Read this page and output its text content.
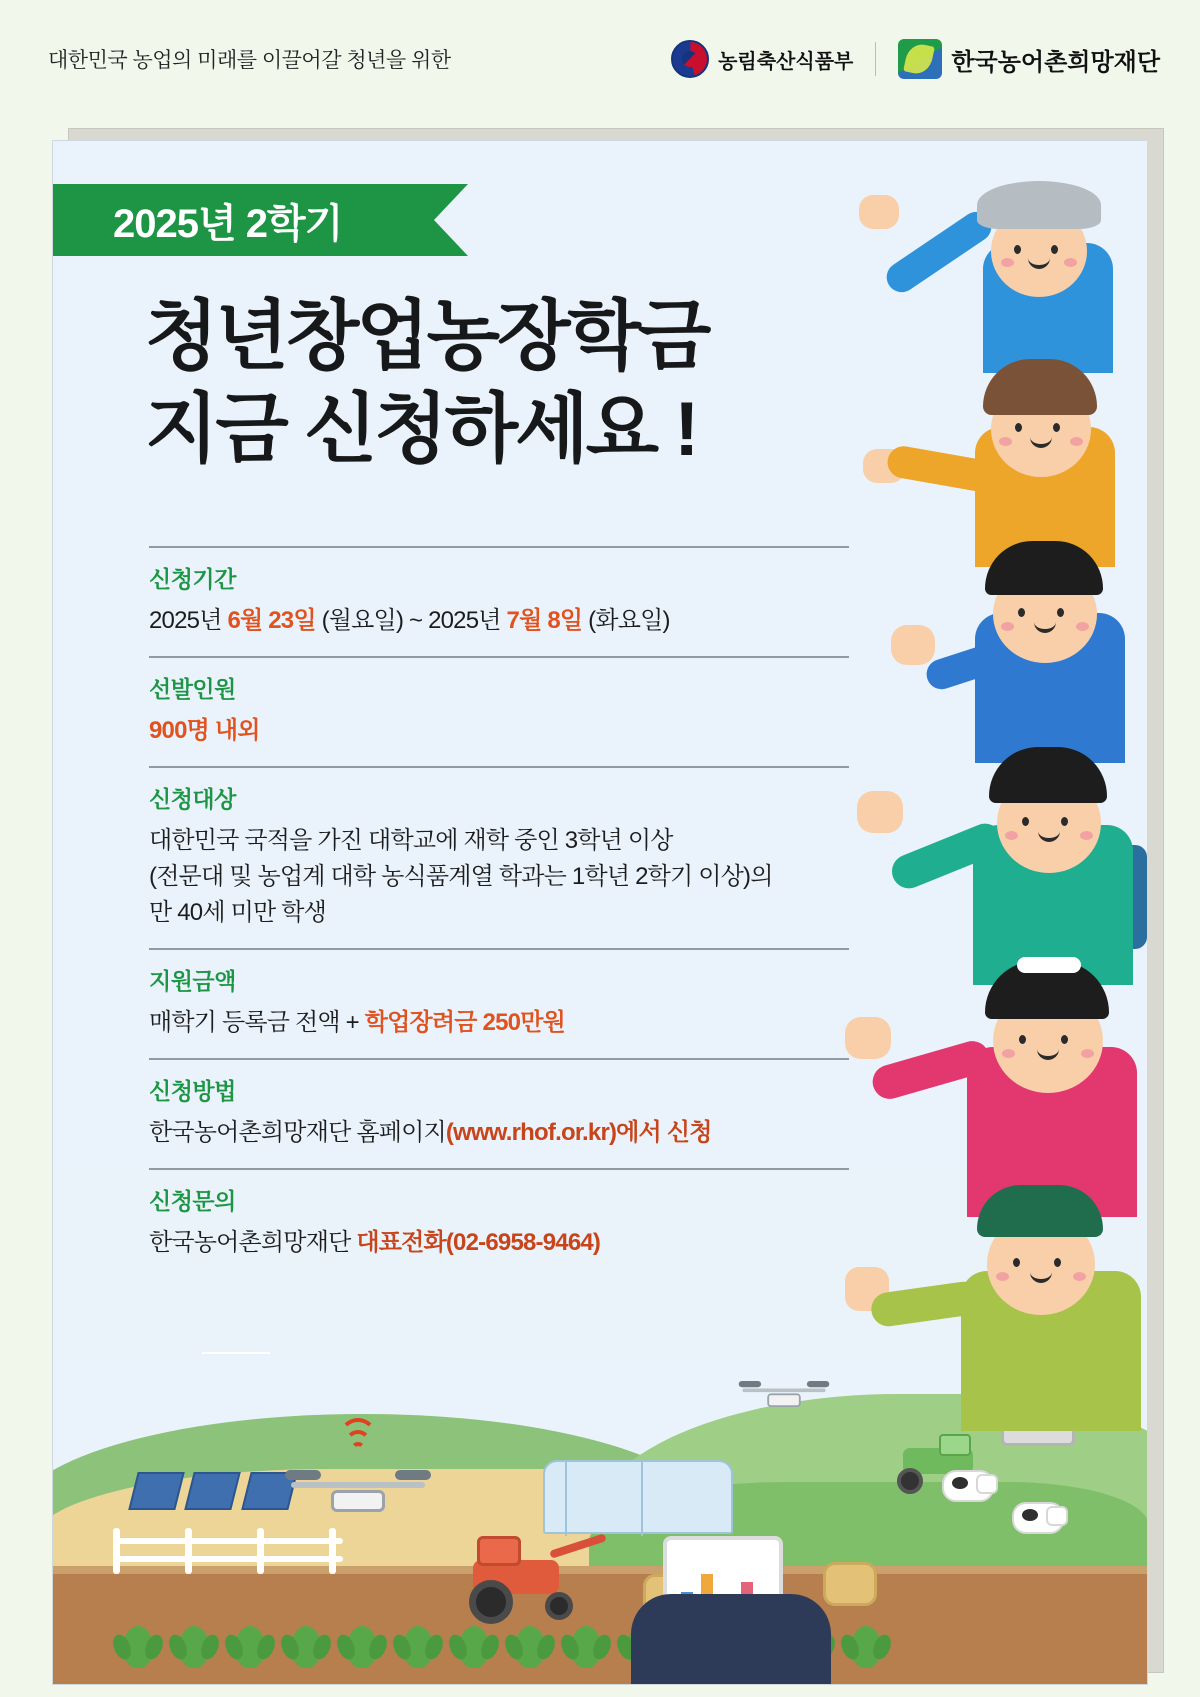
대한민국 농업의 미래를 이끌어갈 청년을 위한	농림축산식품부	한국농어촌희망재단
2025년 2학기
청년창업농장학금
지금 신청하세요 !
신청기간
2025년 6월 23일 (월요일) ~ 2025년 7월 8일 (화요일)
선발인원
900명 내외
신청대상
대한민국 국적을 가진 대학교에 재학 중인 3학년 이상
(전문대 및 농업계 대학 농식품계열 학과는 1학년 2학기 이상)의
만 40세 미만 학생
지원금액
매학기 등록금 전액 + 학업장려금 250만원
신청방법
한국농어촌희망재단 홈페이지(www.rhof.or.kr)에서 신청
신청문의
한국농어촌희망재단 대표전화(02-6958-9464)
